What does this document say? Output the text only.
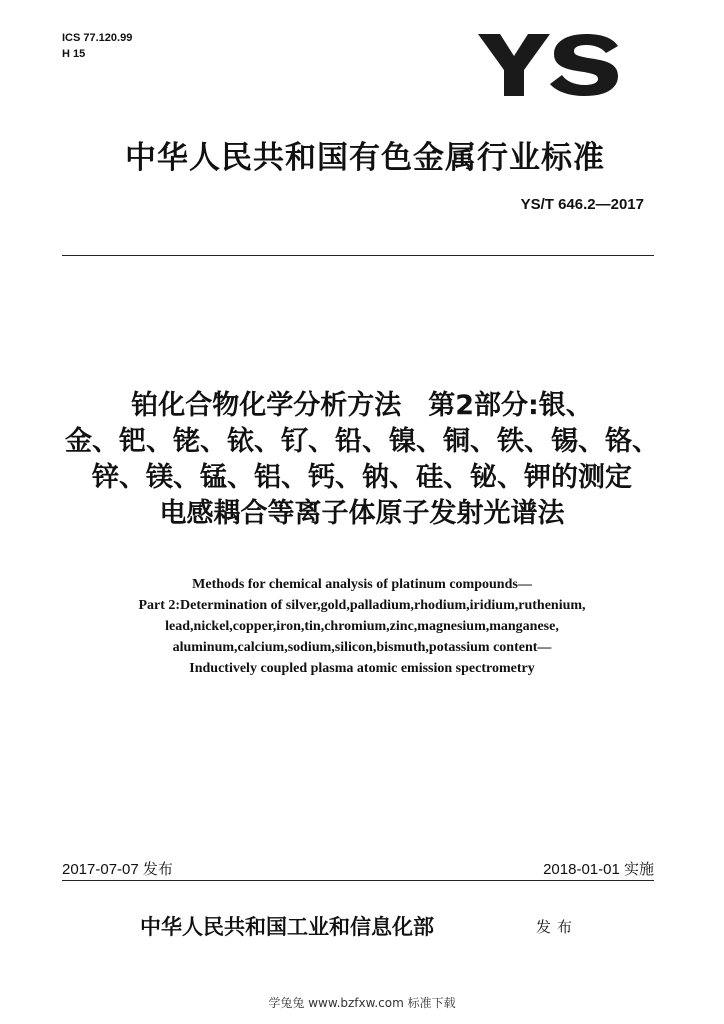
ICS 77.120.99
H 15
中华人民共和国有色金属行业标准
YS/T 646.2—2017
铂化合物化学分析方法　第2部分:银、
金、钯、铑、铱、钌、铅、镍、铜、铁、锡、铬、
锌、镁、锰、铝、钙、钠、硅、铋、钾的测定
电感耦合等离子体原子发射光谱法
Methods for chemical analysis of platinum compounds—
Part 2:Determination of silver,gold,palladium,rhodium,iridium,ruthenium,
lead,nickel,copper,iron,tin,chromium,zinc,magnesium,manganese,
aluminum,calcium,sodium,silicon,bismuth,potassium content—
Inductively coupled plasma atomic emission spectrometry
2017-07-07 发布	2018-01-01 实施
中华人民共和国工业和信息化部	发布
学兔兔 www.bzfxw.com 标准下载
